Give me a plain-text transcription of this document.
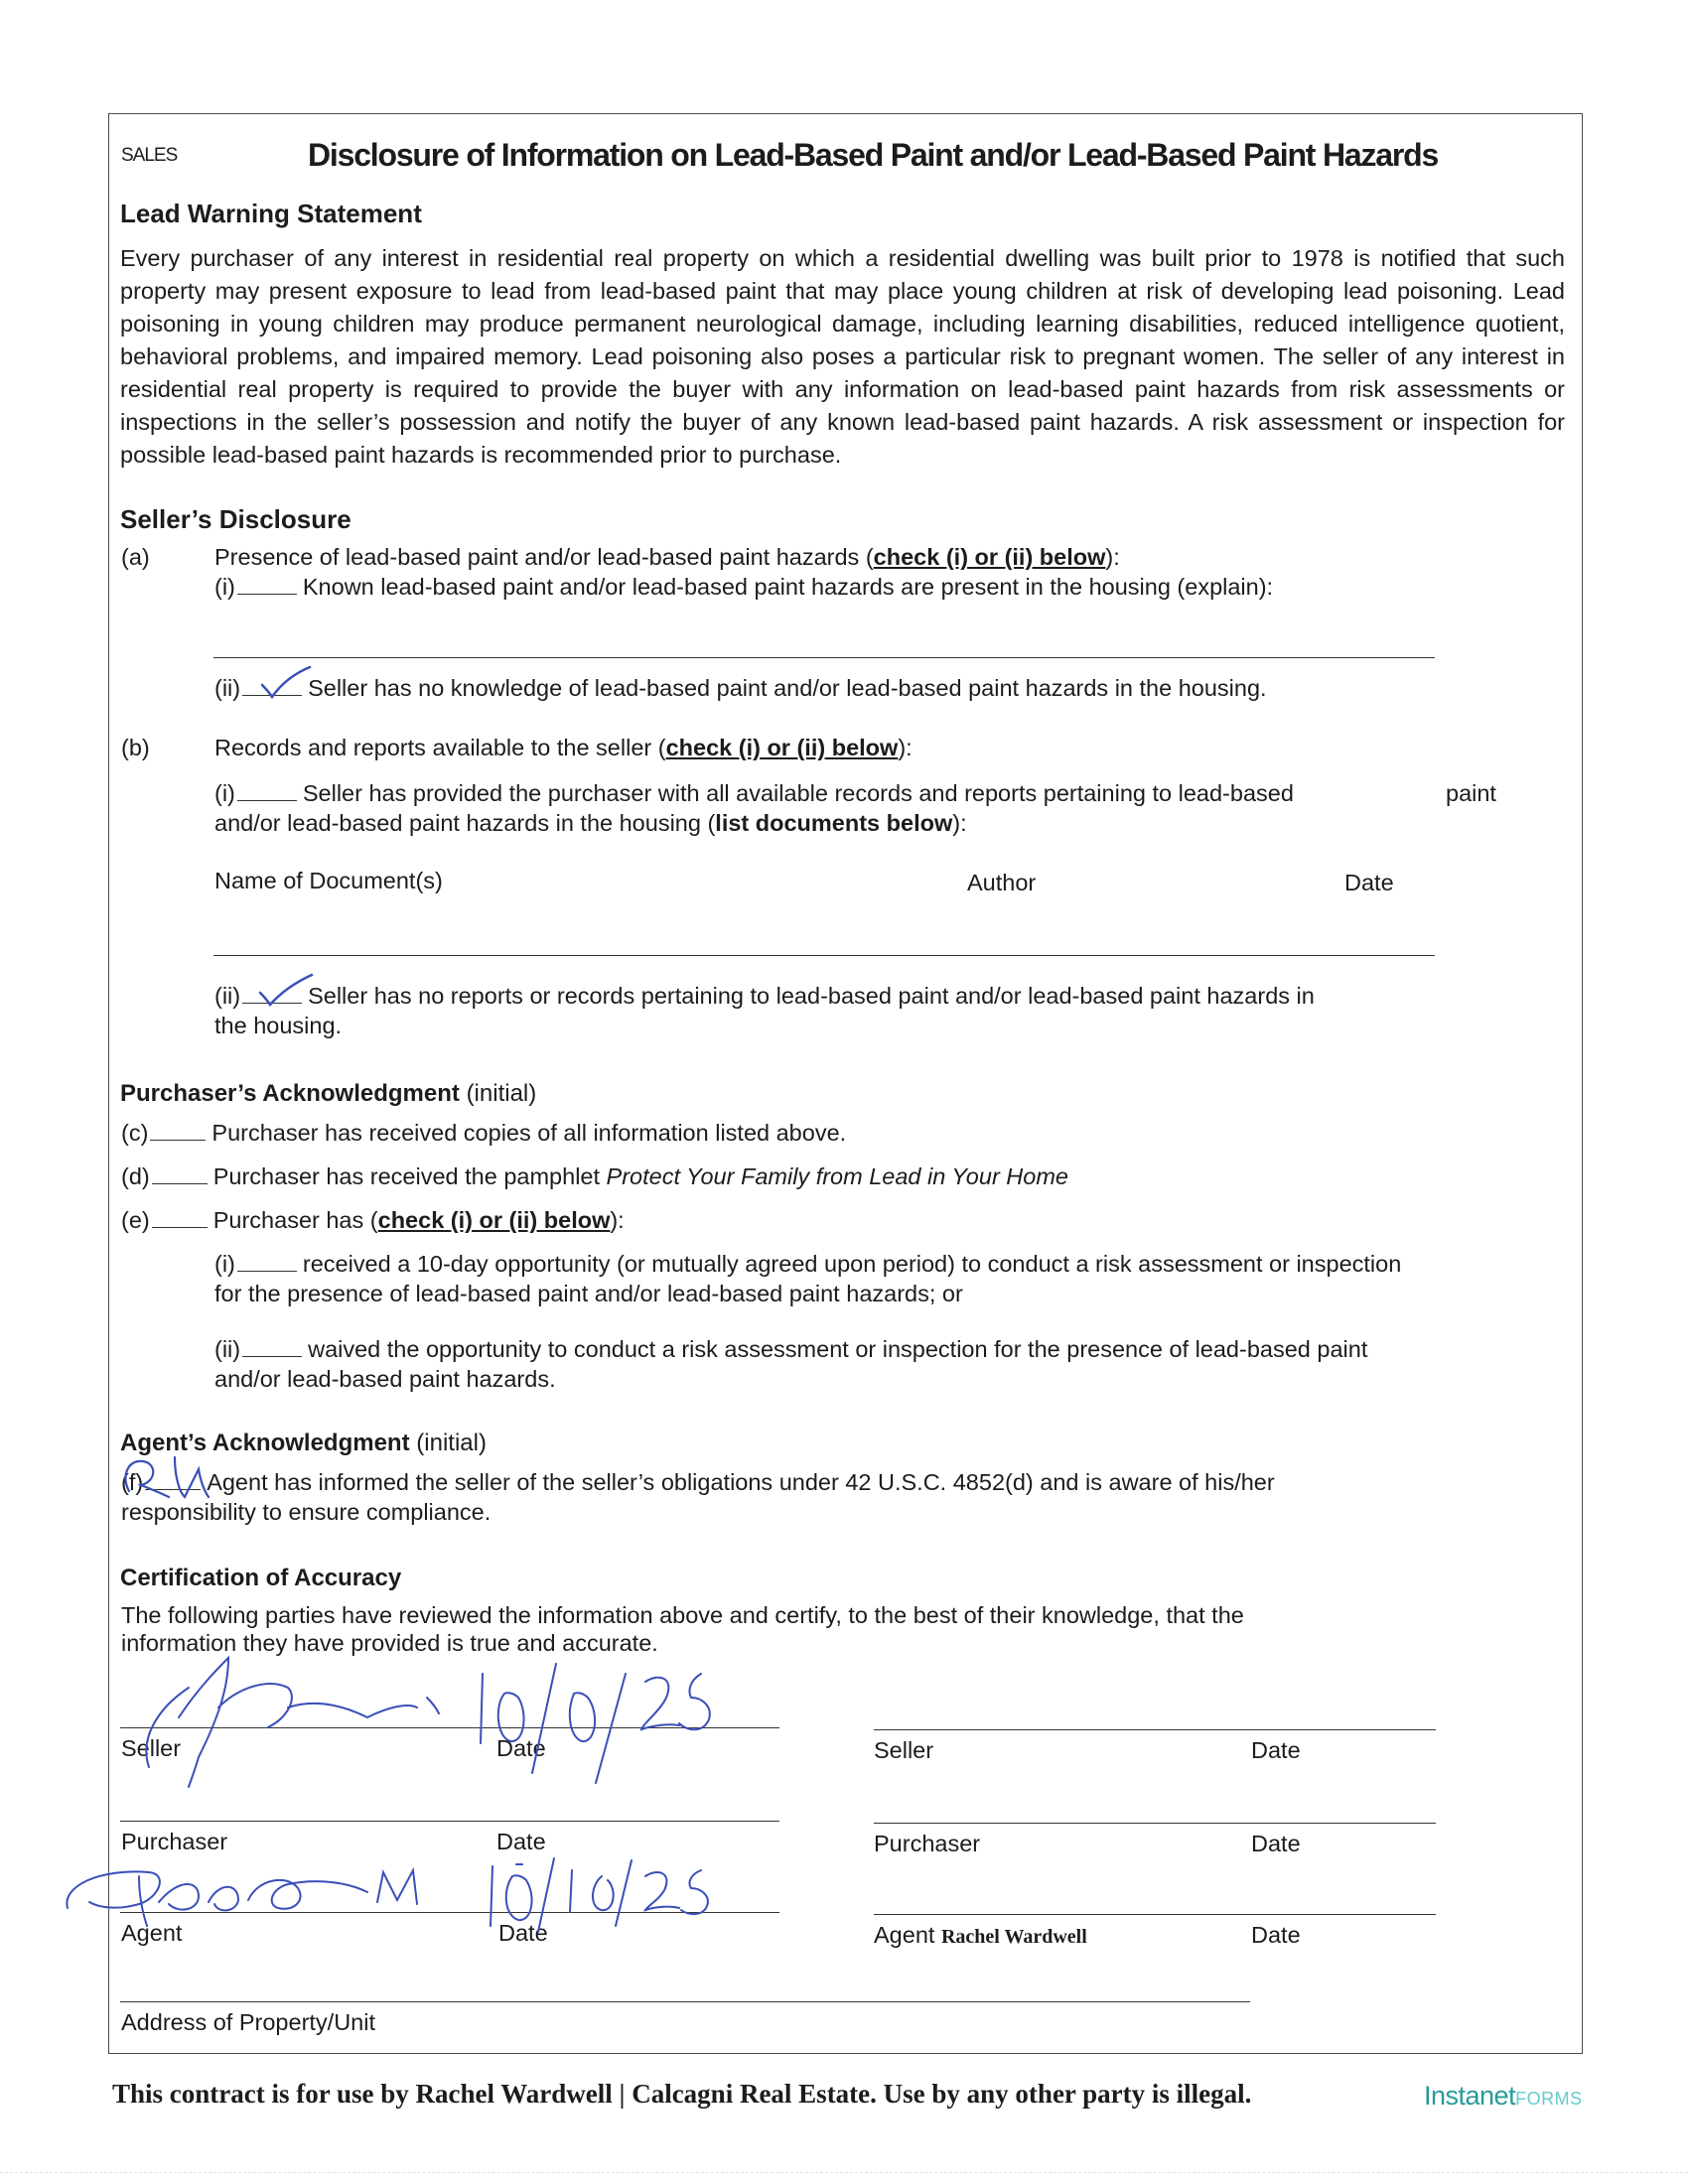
SALES	Disclosure of Information on Lead-Based Paint and/or Lead-Based Paint Hazards
Lead Warning Statement
Every purchaser of any interest in residential real property on which a residential dwelling was built prior to 1978 is notified that such property may present exposure to lead from lead-based paint that may place young children at risk of developing lead poisoning. Lead poisoning in young children may produce permanent neurological damage, including learning disabilities, reduced intelligence quotient, behavioral problems, and impaired memory. Lead poisoning also poses a particular risk to pregnant women. The seller of any interest in residential real property is required to provide the buyer with any information on lead-based paint hazards from risk assessments or inspections in the seller’s possession and notify the buyer of any known lead-based paint hazards. A risk assessment or inspection for possible lead-based paint hazards is recommended prior to purchase.
Seller’s Disclosure
(a)	Presence of lead-based paint and/or lead-based paint hazards (check (i) or (ii) below):
(i)	Known lead-based paint and/or lead-based paint hazards are present in the housing (explain):
(ii)	Seller has no knowledge of lead-based paint and/or lead-based paint hazards in the housing.
(b)	Records and reports available to the seller (check (i) or (ii) below):
(i)	Seller has provided the purchaser with all available records and reports pertaining to lead-based	paint
and/or lead-based paint hazards in the housing (list documents below):
Name of Document(s)	Author	Date
(ii)	Seller has no reports or records pertaining to lead-based paint and/or lead-based paint hazards in
the housing.
Purchaser’s Acknowledgment (initial)
(c)	Purchaser has received copies of all information listed above.
(d)	Purchaser has received the pamphlet Protect Your Family from Lead in Your Home
(e)	Purchaser has (check (i) or (ii) below):
(i)	received a 10-day opportunity (or mutually agreed upon period) to conduct a risk assessment or inspection
for the presence of lead-based paint and/or lead-based paint hazards; or
(ii)	waived the opportunity to conduct a risk assessment or inspection for the presence of lead-based paint
and/or lead-based paint hazards.
Agent’s Acknowledgment (initial)
(f)	Agent has informed the seller of the seller’s obligations under 42 U.S.C. 4852(d) and is aware of his/her
responsibility to ensure compliance.
Certification of Accuracy
The following parties have reviewed the information above and certify, to the best of their knowledge, that the
information they have provided is true and accurate.
Seller	Date
Purchaser	Date
Agent	Date
Seller	Date
Purchaser	Date
Agent Rachel Wardwell	Date
Address of Property/Unit
This contract is for use by Rachel Wardwell | Calcagni Real Estate. Use by any other party is illegal.	InstanetFORMS
